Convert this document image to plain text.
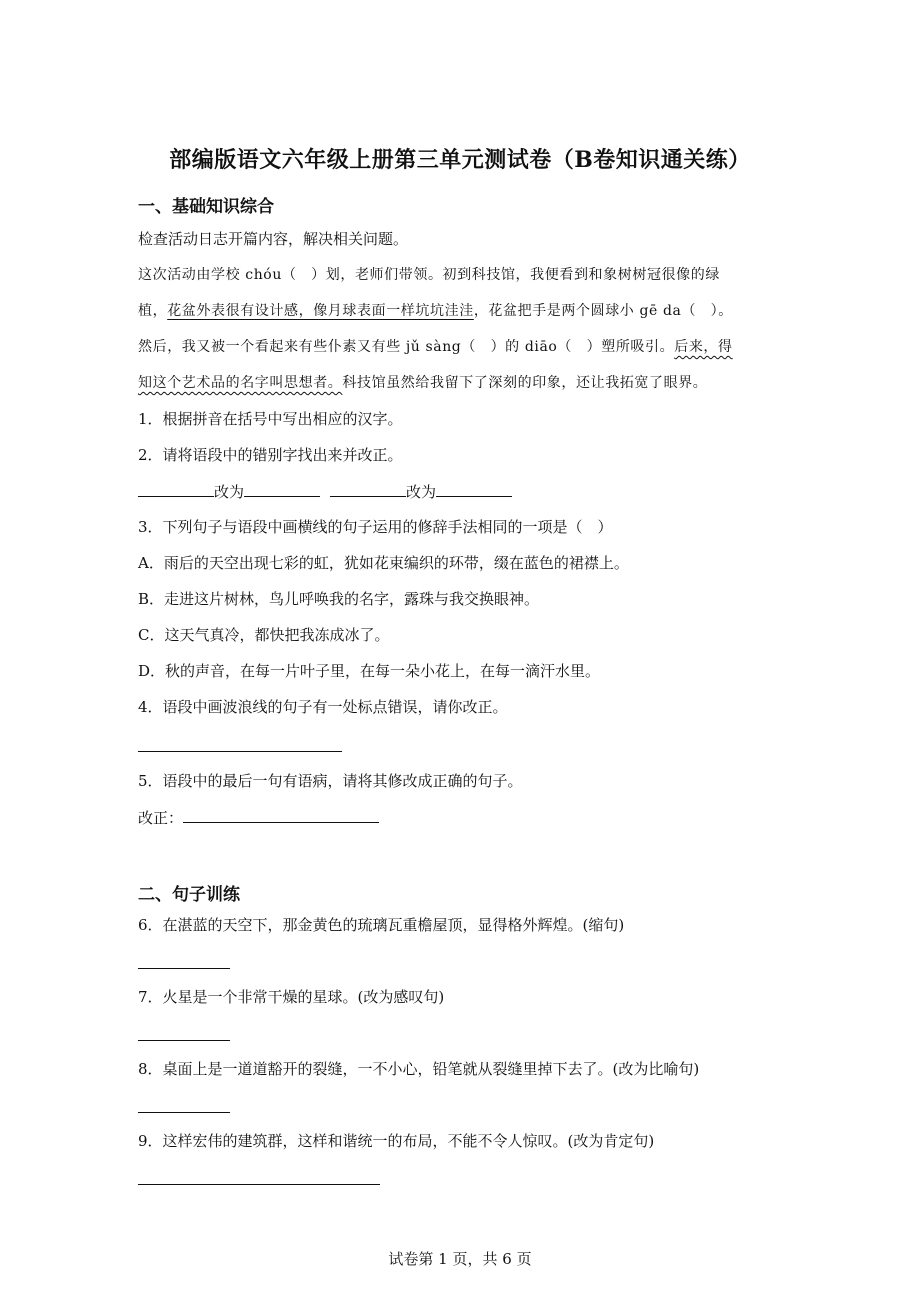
部编版语文六年级上册第三单元测试卷（B卷知识通关练）
一、基础知识综合
检查活动日志开篇内容，解决相关问题。
这次活动由学校 chóu（　）划，老师们带领。初到科技馆，我便看到和象树树冠很像的绿
植，花盆外表很有设计感，像月球表面一样坑坑洼洼，花盆把手是两个圆球小 gē da（　）。
然后，我又被一个看起来有些仆素又有些 jǔ sàng（　）的 diāo（　）塑所吸引。后来，得
知这个艺术品的名字叫思想者。科技馆虽然给我留下了深刻的印象，还让我拓宽了眼界。
1．根据拼音在括号中写出相应的汉字。
2．请将语段中的错别字找出来并改正。
改为	改为
3．下列句子与语段中画横线的句子运用的修辞手法相同的一项是（　）
A．雨后的天空出现七彩的虹，犹如花束编织的环带，缀在蓝色的裙襟上。
B．走进这片树林，鸟儿呼唤我的名字，露珠与我交换眼神。
C．这天气真冷，都快把我冻成冰了。
D．秋的声音，在每一片叶子里，在每一朵小花上，在每一滴汗水里。
4．语段中画波浪线的句子有一处标点错误，请你改正。
5．语段中的最后一句有语病，请将其修改成正确的句子。
改正：
二、句子训练
6．在湛蓝的天空下，那金黄色的琉璃瓦重檐屋顶，显得格外辉煌。(缩句)
7．火星是一个非常干燥的星球。(改为感叹句)
8．桌面上是一道道豁开的裂缝，一不小心，铅笔就从裂缝里掉下去了。(改为比喻句)
9．这样宏伟的建筑群，这样和谐统一的布局，不能不令人惊叹。(改为肯定句)
试卷第 1 页，共 6 页
